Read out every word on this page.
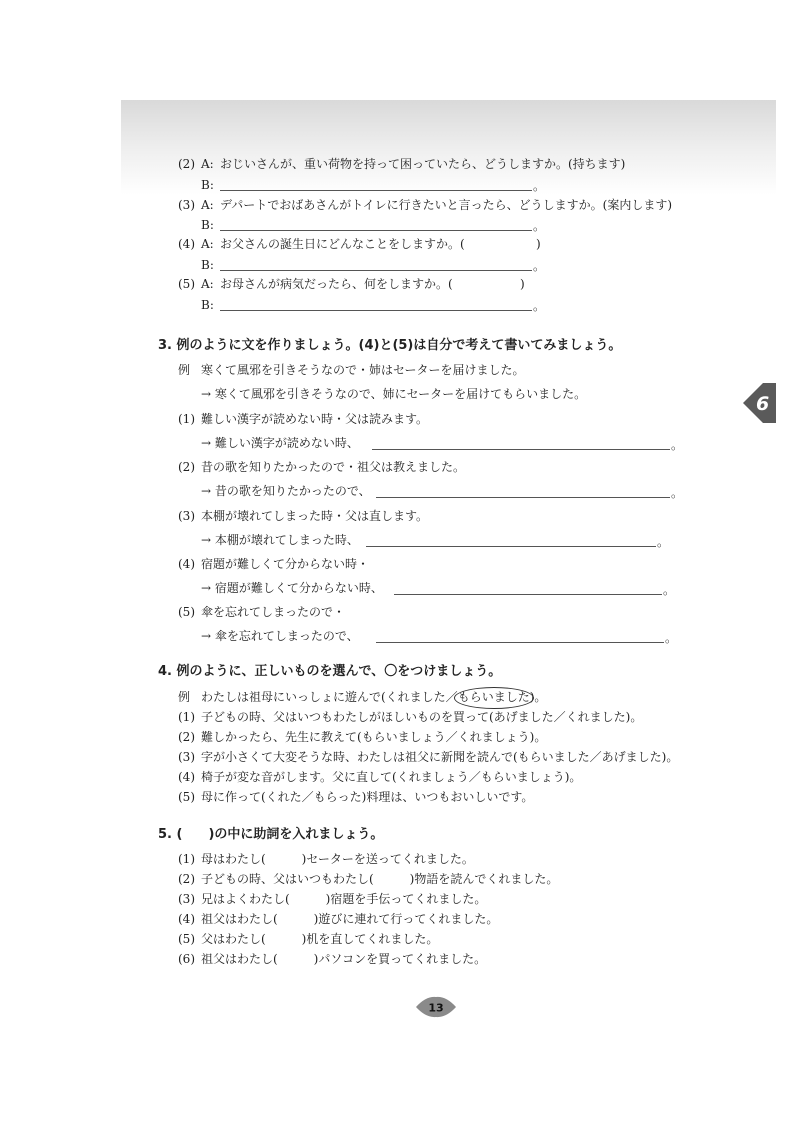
(2) A: おじいさんが、重い荷物を持って困っていたら、どうしますか。(持ちます)
B:	。
(3) A: デパートでおばあさんがトイレに行きたいと言ったら、どうしますか。(案内します)
B:	。
(4) A: お父さんの誕生日にどんなことをしますか。(	)
B:	。
(5) A: お母さんが病気だったら、何をしますか。(	)
B:	。
3. 例のように文を作りましょう。(4)と(5)は自分で考えて書いてみましょう。
例 寒くて風邪を引きそうなので・姉はセーターを届けました。
→ 寒くて風邪を引きそうなので、姉にセーターを届けてもらいました。
(1) 難しい漢字が読めない時・父は読みます。
→ 難しい漢字が読めない時、	。
(2) 昔の歌を知りたかったので・祖父は教えました。
→ 昔の歌を知りたかったので、	。
(3) 本棚が壊れてしまった時・父は直します。
→ 本棚が壊れてしまった時、	。
(4) 宿題が難しくて分からない時・
→ 宿題が難しくて分からない時、	。
(5) 傘を忘れてしまったので・
→ 傘を忘れてしまったので、	。
4. 例のように、正しいものを選んで、〇をつけましょう。
例 わたしは祖母にいっしょに遊んで(くれました／もらいました
)。
(1) 子どもの時、父はいつもわたしがほしいものを買って(あげました／くれました)。
(2) 難しかったら、先生に教えて(もらいましょう／くれましょう)。
(3) 字が小さくて大変そうな時、わたしは祖父に新聞を読んで(もらいました／あげました)。
(4) 椅子が変な音がします。父に直して(くれましょう／もらいましょう)。
(5) 母に作って(くれた／もらった)料理は、いつもおいしいです。
5. (　　)の中に助詞を入れましょう。
(1) 母はわたし(　　　)セーターを送ってくれました。
(2) 子どもの時、父はいつもわたし(　　　)物語を読んでくれました。
(3) 兄はよくわたし(　　　)宿題を手伝ってくれました。
(4) 祖父はわたし(　　　)遊びに連れて行ってくれました。
(5) 父はわたし(　　　)机を直してくれました。
(6) 祖父はわたし(　　　)パソコンを買ってくれました。
6
13
